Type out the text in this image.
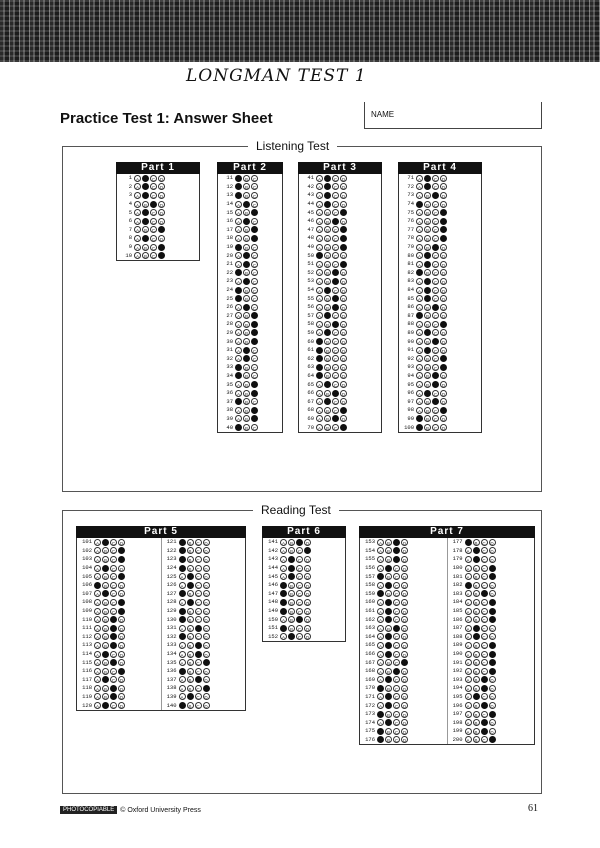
LONGMAN TEST 1
Practice Test 1: Answer Sheet	NAME
Listening Test
Part 1
1 A	B	C	D
2 A	B	C	D
3 A	B	C	D
4 A	B	C	D
5 A	B	C	D
6 A	B	C	D
7 A	B	C	D
8 A	B	C	D
9 A	B	C	D
10 A	B	C	D
Part 2
11 A	B	C
12 A	B	C
13 A	B	C
14 A	B	C
15 A	B	C
16 A	B	C
17 A	B	C
18 A	B	C
19 A	B	C
20 A	B	C
21 A	B	C
22 A	B	C
23 A	B	C
24 A	B	C
25 A	B	C
26 A	B	C
27 A	B	C
28 A	B	C
29 A	B	C
30 A	B	C
31 A	B	C
32 A	B	C
33 A	B	C
34 A	B	C
35 A	B	C
36 A	B	C
37 A	B	C
38 A	B	C
39 A	B	C
40 A	B	C
Part 3
41 A	B	C	D
42 A	B	C	D
43 A	B	C	D
44 A	B	C	D
45 A	B	C	D
46 A	B	C	D
47 A	B	C	D
48 A	B	C	D
49 A	B	C	D
50 A	B	C	D
51 A	B	C	D
52 A	B	C	D
53 A	B	C	D
54 A	B	C	D
55 A	B	C	D
56 A	B	C	D
57 A	B	C	D
58 A	B	C	D
59 A	B	C	D
60 A	B	C	D
61 A	B	C	D
62 A	B	C	D
63 A	B	C	D
64 A	B	C	D
65 A	B	C	D
66 A	B	C	D
67 A	B	C	D
68 A	B	C	D
69 A	B	C	D
70 A	B	C	D
Part 4
71 A	B	C	D
72 A	B	C	D
73 A	B	C	D
74 A	B	C	D
75 A	B	C	D
76 A	B	C	D
77 A	B	C	D
78 A	B	C	D
79 A	B	C	D
80 A	B	C	D
81 A	B	C	D
82 A	B	C	D
83 A	B	C	D
84 A	B	C	D
85 A	B	C	D
86 A	B	C	D
87 A	B	C	D
88 A	B	C	D
89 A	B	C	D
90 A	B	C	D
91 A	B	C	D
92 A	B	C	D
93 A	B	C	D
94 A	B	C	D
95 A	B	C	D
96 A	B	C	D
97 A	B	C	D
98 A	B	C	D
99 A	B	C	D
100 A	B	C	D
Reading Test
Part 5
101 A	B	C	D
102 A	B	C	D
103 A	B	C	D
104 A	B	C	D
105 A	B	C	D
106 A	B	C	D
107 A	B	C	D
108 A	B	C	D
109 A	B	C	D
110 A	B	C	D
111 A	B	C	D
112 A	B	C	D
113 A	B	C	D
114 A	B	C	D
115 A	B	C	D
116 A	B	C	D
117 A	B	C	D
118 A	B	C	D
119 A	B	C	D
120 A	B	C	D
121 A	B	C	D
122 A	B	C	D
123 A	B	C	D
124 A	B	C	D
125 A	B	C	D
126 A	B	C	D
127 A	B	C	D
128 A	B	C	D
129 A	B	C	D
130 A	B	C	D
131 A	B	C	D
132 A	B	C	D
133 A	B	C	D
134 A	B	C	D
135 A	B	C	D
136 A	B	C	D
137 A	B	C	D
138 A	B	C	D
139 A	B	C	D
140 A	B	C	D
Part 6
141 A	B	C	D
142 A	B	C	D
143 A	B	C	D
144 A	B	C	D
145 A	B	C	D
146 A	B	C	D
147 A	B	C	D
148 A	B	C	D
149 A	B	C	D
150 A	B	C	D
151 A	B	C	D
152 A	B	C	D
Part 7
153 A	B	C	D
154 A	B	C	D
155 A	B	C	D
156 A	B	C	D
157 A	B	C	D
158 A	B	C	D
159 A	B	C	D
160 A	B	C	D
161 A	B	C	D
162 A	B	C	D
163 A	B	C	D
164 A	B	C	D
165 A	B	C	D
166 A	B	C	D
167 A	B	C	D
168 A	B	C	D
169 A	B	C	D
170 A	B	C	D
171 A	B	C	D
172 A	B	C	D
173 A	B	C	D
174 A	B	C	D
175 A	B	C	D
176 A	B	C	D
177 A	B	C	D
178 A	B	C	D
179 A	B	C	D
180 A	B	C	D
181 A	B	C	D
182 A	B	C	D
183 A	B	C	D
184 A	B	C	D
185 A	B	C	D
186 A	B	C	D
187 A	B	C	D
188 A	B	C	D
189 A	B	C	D
190 A	B	C	D
191 A	B	C	D
192 A	B	C	D
193 A	B	C	D
194 A	B	C	D
195 A	B	C	D
196 A	B	C	D
197 A	B	C	D
198 A	B	C	D
199 A	B	C	D
200 A	B	C	D
PHOTOCOPIABLE © Oxford University Press	61
